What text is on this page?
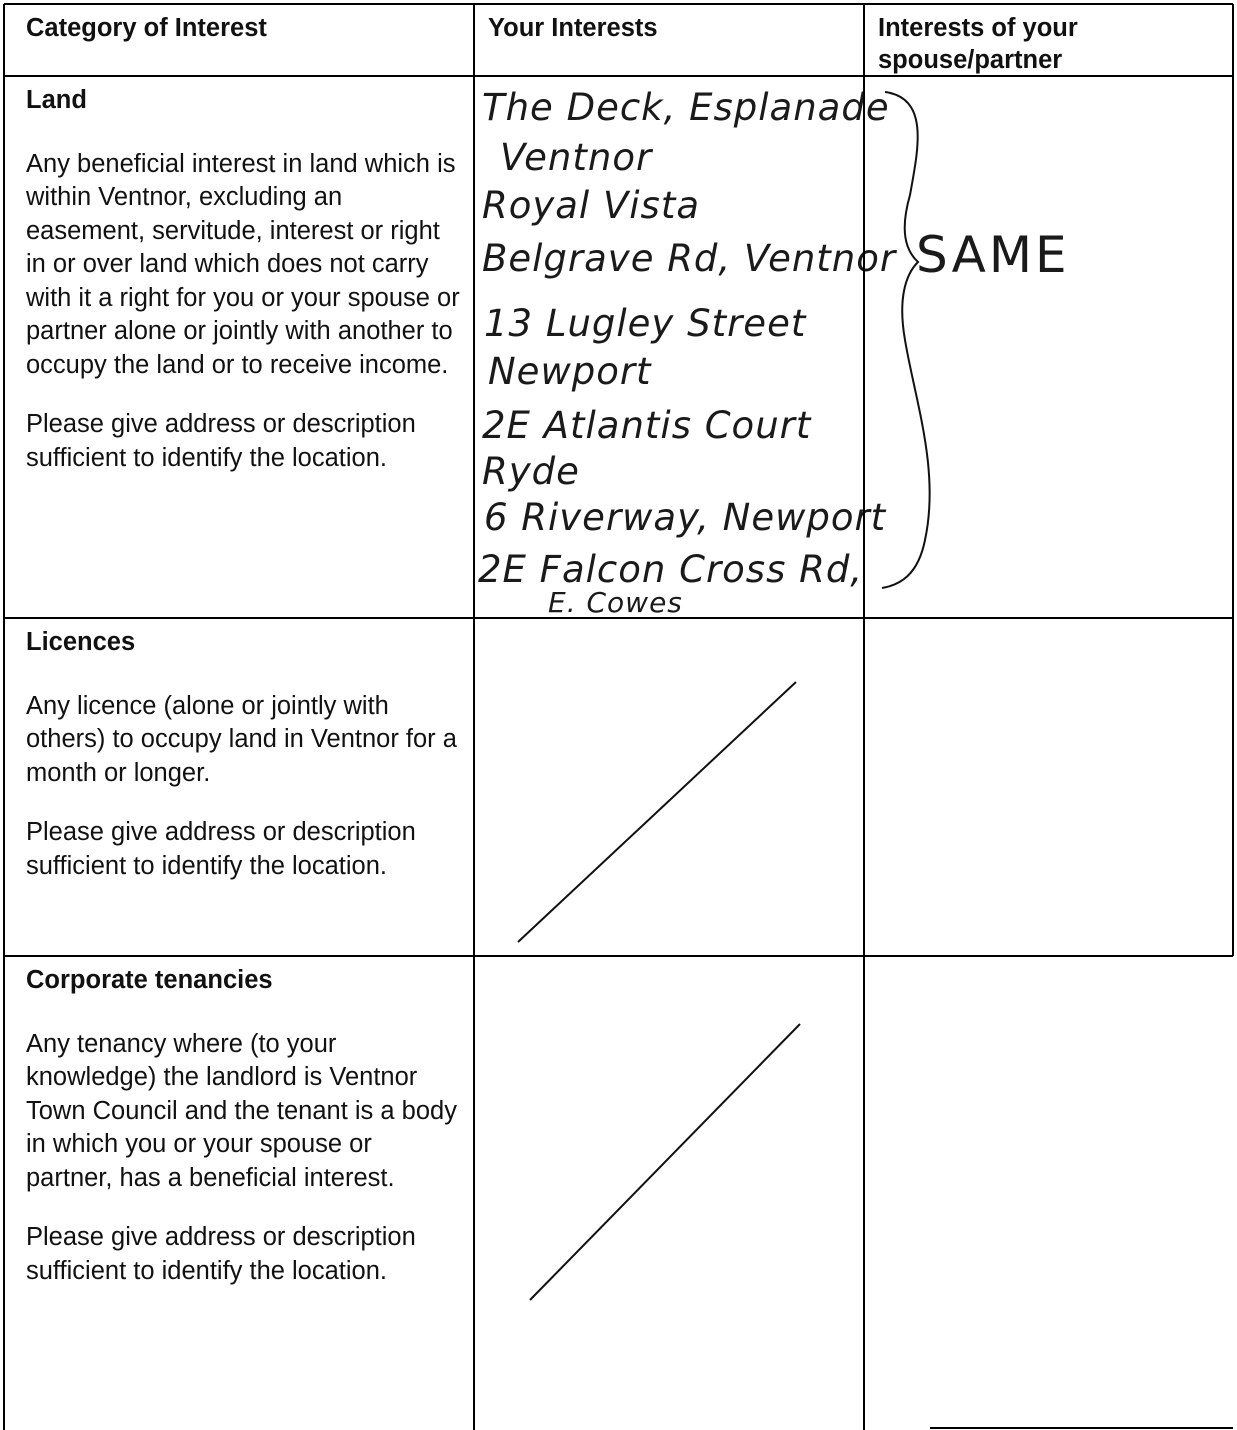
Category of Interest	Your Interests	Interests of your spouse/partner
Land
Any beneficial interest in land which is within Ventnor, excluding an easement, servitude, interest or right in or over land which does not carry with it a right for you or your spouse or partner alone or jointly with another to occupy the land or to receive income.
Please give address or description sufficient to identify the location.
The Deck, Esplanade
Ventnor
Royal Vista
Belgrave Rd, Ventnor
13 Lugley Street
Newport
2E Atlantis Court
Ryde
6 Riverway, Newport
2E Falcon Cross Rd,
E. Cowes
SAME
Licences
Any licence (alone or jointly with others) to occupy land in Ventnor for a month or longer.
Please give address or description sufficient to identify the location.
Corporate tenancies
Any tenancy where (to your knowledge) the landlord is Ventnor Town Council and the tenant is a body in which you or your spouse or partner, has a beneficial interest.
Please give address or description sufficient to identify the location.
